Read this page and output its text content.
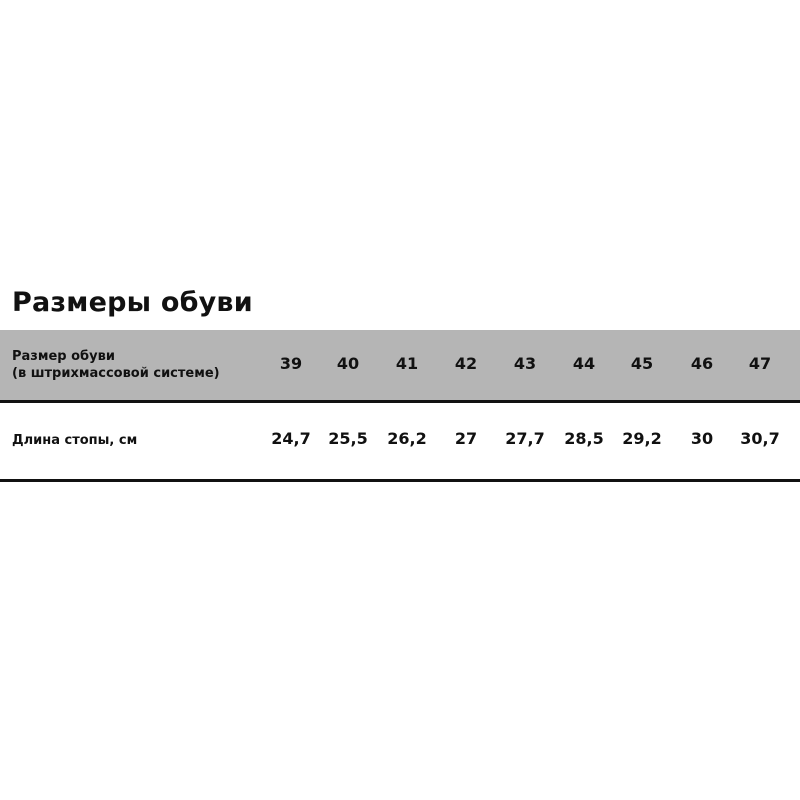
Размеры обуви
Размер обуви
(в штрихмассовой системе)
39	40	41	42	43	44	45	46	47
Длина стопы, см	24,7	25,5	26,2	27	27,7	28,5	29,2	30	30,7
